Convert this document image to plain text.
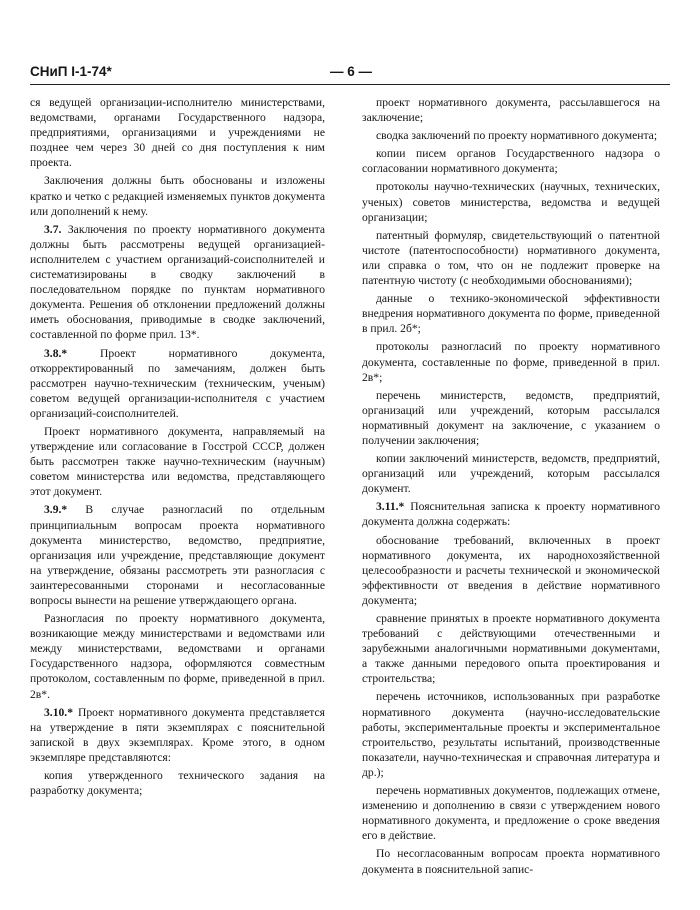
СНиП I-1-74*	— 6 —

ся ведущей организации-исполнителю министерствами, ведомствами, органами Государственного надзора, предприятиями, организациями и учреждениями не позднее чем через 30 дней со дня поступления к ним проекта.

Заключения должны быть обоснованы и изложены кратко и четко с редакцией изменяемых пунктов документа или дополнений к нему.

3.7. Заключения по проекту нормативного документа должны быть рассмотрены ведущей организацией-исполнителем с участием организаций-соисполнителей и систематизированы в сводку заключений в последовательном порядке по пунктам нормативного документа. Решения об отклонении предложений должны иметь обоснования, приводимые в сводке заключений, составленной по форме прил. 13*.

3.8.* Проект нормативного документа, откорректированный по замечаниям, должен быть рассмотрен научно-техническим (техническим, ученым) советом ведущей организации-исполнителя с участием организаций-соисполнителей.

Проект нормативного документа, направляемый на утверждение или согласование в Госстрой СССР, должен быть рассмотрен также научно-техническим (научным) советом министерства или ведомства, представляющего этот документ.

3.9.* В случае разногласий по отдельным принципиальным вопросам проекта нормативного документа министерство, ведомство, предприятие, организация или учреждение, представляющие документ на утверждение, обязаны рассмотреть эти разногласия с заинтересованными сторонами и несогласованные вопросы вынести на решение утверждающего органа.

Разногласия по проекту нормативного документа, возникающие между министерствами и ведомствами или между министерствами, ведомствами и органами Государственного надзора, оформляются совместным протоколом, составленным по форме, приведенной в прил. 2в*.

3.10.* Проект нормативного документа представляется на утверждение в пяти экземплярах с пояснительной запиской в двух экземплярах. Кроме этого, в одном экземпляре представляются:

копия утвержденного технического задания на разработку документа;

проект нормативного документа, рассылавшегося на заключение;

сводка заключений по проекту нормативного документа;

копии писем органов Государственного надзора о согласовании нормативного документа;

протоколы научно-технических (научных, технических, ученых) советов министерства, ведомства и ведущей организации;

патентный формуляр, свидетельствующий о патентной чистоте (патентоспособности) нормативного документа, или справка о том, что он не подлежит проверке на патентную чистоту (с необходимыми обоснованиями);

данные о технико-экономической эффективности внедрения нормативного документа по форме, приведенной в прил. 2б*;

протоколы разногласий по проекту нормативного документа, составленные по форме, приведенной в прил. 2в*;

перечень министерств, ведомств, предприятий, организаций или учреждений, которым рассылался нормативный документ на заключение, с указанием о получении заключения;

копии заключений министерств, ведомств, предприятий, организаций или учреждений, которым рассылался документ.

3.11.* Пояснительная записка к проекту нормативного документа должна содержать:

обоснование требований, включенных в проект нормативного документа, их народнохозяйственной целесообразности и расчеты технической и экономической эффективности от введения в действие нормативного документа;

сравнение принятых в проекте нормативного документа требований с действующими отечественными и зарубежными аналогичными нормативными документами, а также данными передового опыта проектирования и строительства;

перечень источников, использованных при разработке нормативного документа (научно-исследовательские работы, экспериментальные проекты и экспериментальное строительство, результаты испытаний, производственные показатели, научно-техническая и справочная литература и др.);

перечень нормативных документов, подлежащих отмене, изменению и дополнению в связи с утверждением нового нормативного документа, и предложение о сроке введения его в действие.

По несогласованным вопросам проекта нормативного документа в пояснительной запис-
